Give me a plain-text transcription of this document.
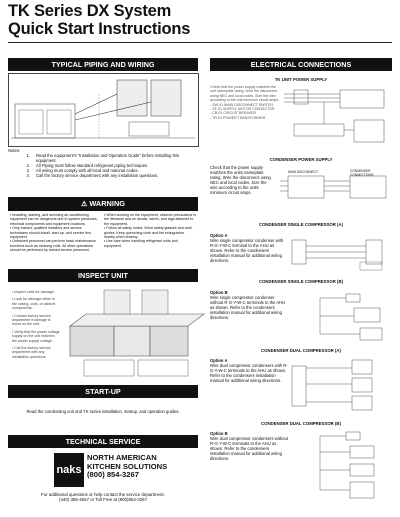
TK Series DX System
Quick Start Instructions
TYPICAL PIPING AND WIRING
Notes:
1.	Read the equipment's "Installation and Operation Guide" before installing this equipment.
2.	All Piping must follow standard refrigerant piping techniques.
3.	All wiring must comply with all local and national codes.
4.	Call the factory service department with any installation questions.
⚠ WARNING
▪ Installing, starting, and servicing air-conditioning equipment can be dangerous due to system pressures, electrical components and equipment locations.
▪ Only trained, qualified installers and service technicians should install, start-up, and service this equipment.
▪ Untrained personnel can perform basic maintenance functions such as cleaning coils. All other operations should be performed by trained service personnel.
▪ When working on the equipment, observe precautions in the literature and on decals, labels, and tags attached to the equipment.
▪ Follow all safety codes. Wear safety glasses and work gloves. Keep quenching cloth and fire extinguisher nearby when brazing.
▪ Use care when handling refrigerant units and equipment.
INSPECT UNIT
• Inspect units for damage.
• Look for damage either in the casing, coils, or cabinet components.
• Contact factory service department if damage is found on the unit.
• Verify that the power voltage supply on the unit matches the power supply voltage.
• Call the factory service department with any installation questions.
START-UP
Read the condensing unit and TK series installation, startup, and operation guides.
TECHNICAL SERVICE
naks
NORTH AMERICAN
KITCHEN SOLUTIONS
(800) 854-3267
For additional questions or help contact the service department.
(440) 365-4567 or Toll Free at (800)854-3267
ELECTRICAL CONNECTIONS
TK UNIT POWER SUPPLY
Check that the power supply matches the unit nameplate rating. Wire the disconnect using NEC and local codes. Size the wire according to the unit minimum circuit amps.
- SW-01 MAIN DISCONNECT SWITCH
- SF-01 SUPPLY MOTOR CONTACTOR
- CB-01 CIRCUIT BREAKER
- TR-01 POWER TRANSFORMER
CONDENSER POWER SUPPLY
Check that the power supply matches the units nameplate rating. Wire the disconnect using NEC and local codes. Size the wire according to the units minimum circuit amps.
MAIN DISCONNECT	CONDENSER
CONNECTIONS
CONDENSER SINGLE COMPRESSOR (A)
Option A
Wire single compressor condenser with R-G-Y-W-C terminal to the AHU as shown. Refer to the condensers installation manual for additional wiring directions.
CONDENSER SINGLE COMPRESSOR (B)
Option B
Wire single compressor condenser without R-G-Y-W-C terminals to the AHU as shown. Refer to the condensers installation manual for additional wiring directions.
CONDENSER DUAL COMPRESSOR (A)
Option A
Wire dual compressor condensers with R-G-Y-W-C terminals to the AHU as shown. Refer to the condensers installation manual for additional wiring directions.
CONDENSER DUAL COMPRESSOR (B)
Option B
Wire dual compressor condensers without R-G-Y-W-C terminals to the AHU as shown. Refer to the condensers installation manual for additional wiring directions.
